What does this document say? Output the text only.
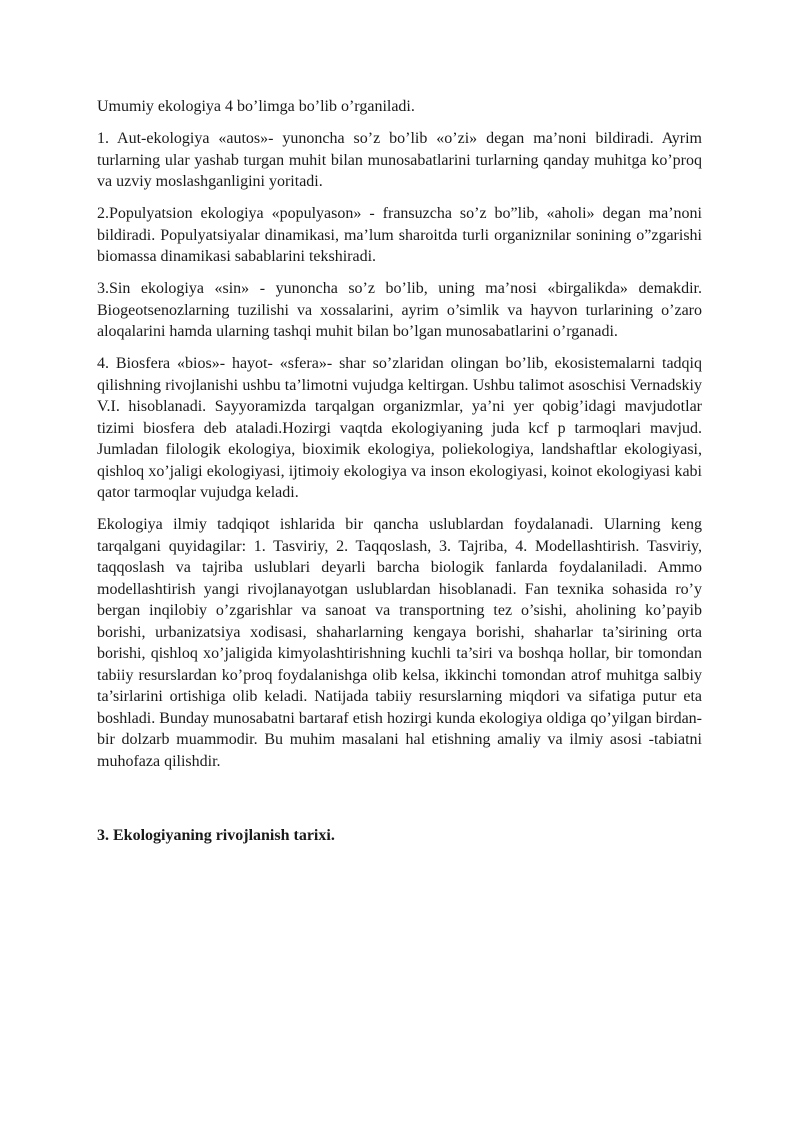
Umumiy ekologiya 4 bo’limga bo’lib o’rganiladi.

1. Aut-ekologiya «autos»- yunoncha so’z bo’lib «o’zi» degan ma’noni bildiradi. Ayrim turlarning ular yashab turgan muhit bilan munosabatlarini turlarning qanday muhitga ko’proq va uzviy moslashganligini yoritadi.

2.Populyatsion ekologiya «populyason» - fransuzcha so’z bo”lib, «aholi» degan ma’noni bildiradi. Populyatsiyalar dinamikasi, ma’lum sharoitda turli organiznilar sonining o”zgarishi biomassa dinamikasi sabablarini tekshiradi.

3.Sin ekologiya «sin» - yunoncha so’z bo’lib, uning ma’nosi «birgalikda» demakdir. Biogeotsenozlarning tuzilishi va xossalarini, ayrim o’simlik va hayvon turlarining o’zaro aloqalarini hamda ularning tashqi muhit bilan bo’lgan munosabatlarini o’rganadi.

4. Biosfera «bios»- hayot- «sfera»- shar so’zlaridan olingan bo’lib, ekosistemalarni tadqiq qilishning rivojlanishi ushbu ta’limotni vujudga keltirgan. Ushbu talimot asoschisi Vernadskiy V.I. hisoblanadi. Sayyoramizda tarqalgan organizmlar, ya’ni yer qobig’idagi mavjudotlar tizimi biosfera deb ataladi.Hozirgi vaqtda ekologiyaning juda kcf p tarmoqlari mavjud. Jumladan filologik ekologiya, bioximik ekologiya, poliekologiya, landshaftlar ekologiyasi, qishloq xo’jaligi ekologiyasi, ijtimoiy ekologiya va inson ekologiyasi, koinot ekologiyasi kabi qator tarmoqlar vujudga keladi.

Ekologiya ilmiy tadqiqot ishlarida bir qancha uslublardan foydalanadi. Ularning keng tarqalgani quyidagilar: 1. Tasviriy, 2. Taqqoslash, 3. Tajriba, 4. Modellashtirish. Tasviriy, taqqoslash va tajriba uslublari deyarli barcha biologik fanlarda foydalaniladi. Ammo modellashtirish yangi rivojlanayotgan uslublardan hisoblanadi. Fan texnika sohasida ro’y bergan inqilobiy o’zgarishlar va sanoat va transportning tez o’sishi, aholining ko’payib borishi, urbanizatsiya xodisasi, shaharlarning kengaya borishi, shaharlar ta’sirining orta borishi, qishloq xo’jaligida kimyolashtirishning kuchli ta’siri va boshqa hollar, bir tomondan tabiiy resurslardan ko’proq foydalanishga olib kelsa, ikkinchi tomondan atrof muhitga salbiy ta’sirlarini ortishiga olib keladi. Natijada tabiiy resurslarning miqdori va sifatiga putur eta boshladi. Bunday munosabatni bartaraf etish hozirgi kunda ekologiya oldiga qo’yilgan birdan-bir dolzarb muammodir. Bu muhim masalani hal etishning amaliy va ilmiy asosi -tabiatni muhofaza qilishdir.

3. Ekologiyaning rivojlanish tarixi.
